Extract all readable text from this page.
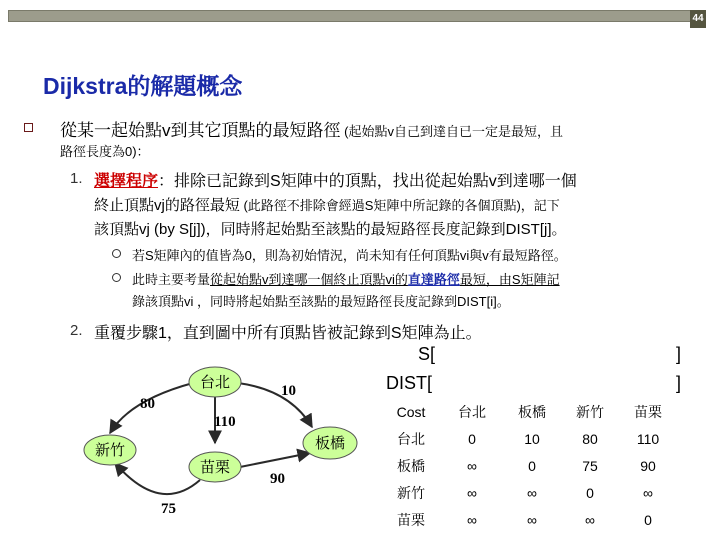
44
Dijkstra的解題概念
從某一起始點v到其它頂點的最短路徑 (起始點v自己到達自已一定是最短，且
路徑長度為0)：
1. 選擇程序：排除已記錄到S矩陣中的頂點，找出從起始點v到達哪一個
終止頂點vj的路徑最短 (此路徑不排除會經過S矩陣中所記錄的各個頂點)，記下
該頂點vj (by S[j])，同時將起始點至該點的最短路徑長度記錄到DIST[j]。
若S矩陣內的值皆為0，則為初始情況，尚未知有任何頂點vi與v有最短路徑。
此時主要考量從起始點v到達哪一個終止頂點vi的直達路徑最短，由S矩陣記
錄該頂點vi ，同時將起始點至該點的最短路徑長度記錄到DIST[i]。
2. 重覆步驟1，直到圖中所有頂點皆被記錄到S矩陣為止。
S[	]
DIST[	]
台北
新竹
苗栗
板橋
80
10
110
90
75
Cost	台北	板橋	新竹	苗栗
台北	0	10	80	110
板橋	∞	0	75	90
新竹	∞	∞	0	∞
苗栗	∞	∞	∞	0
